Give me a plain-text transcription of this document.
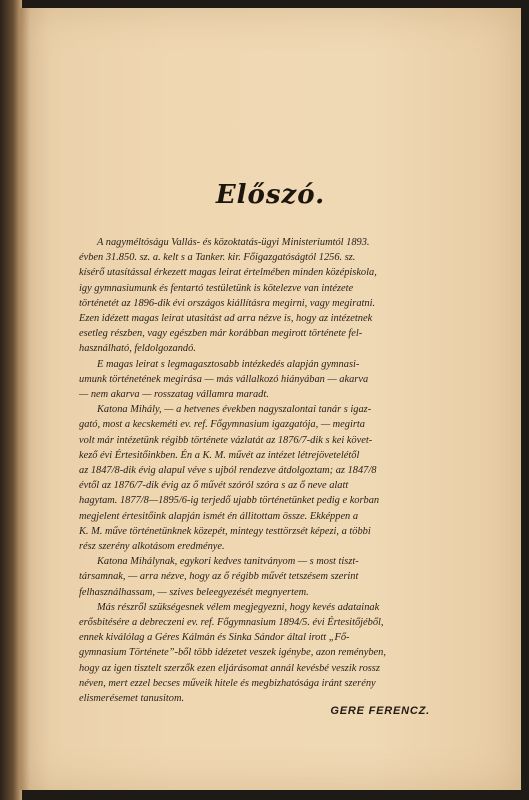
Előszó.

A nagyméltóságu Vallás- és közoktatás-ügyi Ministeriumtól 1893.
évben 31.850. sz. a. kelt s a Tanker. kir. Főigazgatóságtól 1256. sz.
kísérő utasítással érkezett magas leirat értelmében minden középiskola,
igy gymnasiumunk és fentartó testületünk is kötelezve van intézete
történetét az 1896-dik évi országos kiállításra megirni, vagy megiratni.
Ezen idézett magas leirat utasitást ad arra nézve is, hogy az intézetnek
esetleg részben, vagy egészben már korábban megirott története fel-
használható, feldolgozandó.

E magas leirat s legmagasztosabb intézkedés alapján gymnasi-
umunk történetének megirása — más vállalkozó hiányában — akarva
— nem akarva — rosszatag vállamra maradt.

Katona Mihály, — a hetvenes években nagyszalontai tanár s igaz-
gató, most a kecskeméti ev. ref. Főgymnasium igazgatója, — megirta
volt már intézetünk régibb története vázlatát az 1876/7-dik s kei követ-
kező évi Értesitőinkben. Én a K. M. művét az intézet létrejövetelétől
az 1847/8-dik évig alapul véve s ujból rendezve átdolgoztam; az 1847/8
évtől az 1876/7-dik évig az ő művét szóról szóra s az ő neve alatt
hagytam. 1877/8—1895/6-ig terjedő ujabb történetünket pedig e korban
megjelent értesitőink alapján ismét én állitottam össze. Ekképpen a
K. M. műve történetünknek közepét, mintegy testtörzsét képezi, a többi
rész szerény alkotásom eredménye.

Katona Mihálynak, egykori kedves tanitványom — s most tiszt-
társamnak, — arra nézve, hogy az ő régibb művét tetszésem szerint
felhasználhassam, — szives beleegyezését megnyertem.

Más részről szükségesnek vélem megjegyezni, hogy kevés adatainak
erősbitésére a debreczeni ev. ref. Főgymnasium 1894/5. évi Értesitőjéből,
ennek kiválólag a Géres Kálmán és Sinka Sándor által irott „Fő-
gymnasium Története”-ből több idézetet veszek igénybe, azon reményben,
hogy az igen tisztelt szerzők ezen eljárásomat annál kevésbé veszik rossz
néven, mert ezzel becses műveik hitele és megbizhatósága iránt szerény
elismerésemet tanusitom.

GERE FERENCZ.
